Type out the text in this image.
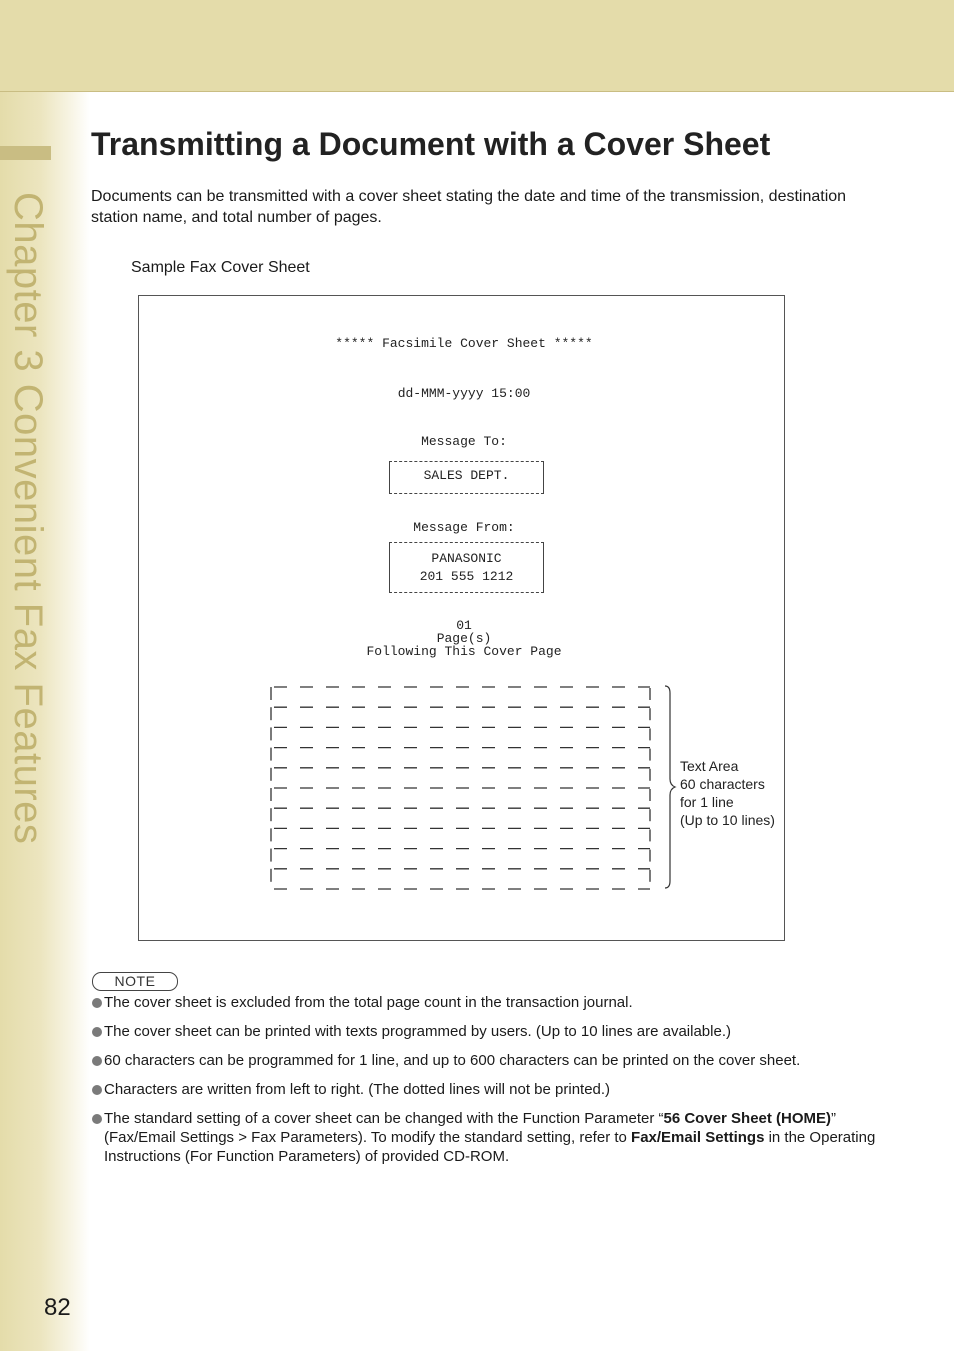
Chapter 3 Convenient Fax Features
82
Transmitting a Document with a Cover Sheet
Documents can be transmitted with a cover sheet stating the date and time of the transmission, destination station name, and total number of pages.
Sample Fax Cover Sheet
***** Facsimile Cover Sheet *****
dd-MMM-yyyy 15:00
Message To:
SALES DEPT.
Message From:
PANASONIC
201 555 1212
01
Page(s)
Following This Cover Page
Text Area
60 characters
for 1 line
(Up to 10 lines)
NOTE
The cover sheet is excluded from the total page count in the transaction journal.
The cover sheet can be printed with texts programmed by users. (Up to 10 lines are available.)
60 characters can be programmed for 1 line, and up to 600 characters can be printed on the cover sheet.
Characters are written from left to right. (The dotted lines will not be printed.)
The standard setting of a cover sheet can be changed with the Function Parameter “56 Cover Sheet (HOME)” (Fax/Email Settings > Fax Parameters). To modify the standard setting, refer to Fax/Email Settings in the Operating Instructions (For Function Parameters) of provided CD-ROM.
